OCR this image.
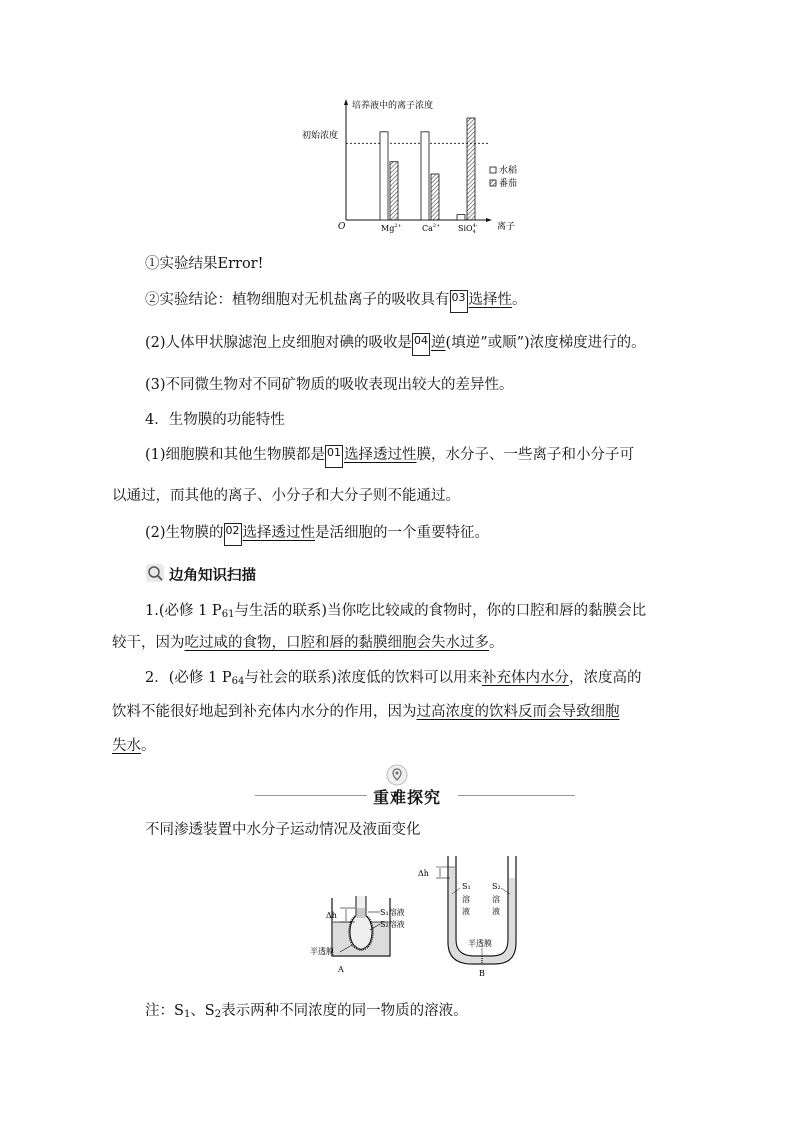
培养液中的离子浓度
初始浓度
O	离子
$Mg^{2+}$	$Ca^{2+}$ SiO$_4$4-
水稻
番茄
①实验结果Error!
②实验结论：植物细胞对无机盐离子的吸收具有 03 选择性。
(2)人体甲状腺滤泡上皮细胞对碘的吸收是 04 逆(填逆”或顺”)浓度梯度进行的。
(3)不同微生物对不同矿物质的吸收表现出较大的差异性。
4．生物膜的功能特性
(1)细胞膜和其他生物膜都是 01 选择透过性膜，水分子、一些离子和小分子可
以通过，而其他的离子、小分子和大分子则不能通过。
(2)生物膜的 02 选择透过性是活细胞的一个重要特征。
边角知识扫描
1.(必修 1 $P_{61}$与生活的联系)当你吃比较咸的食物时，你的口腔和唇的黏膜会比
较干，因为吃过咸的食物，口腔和唇的黏膜细胞会失水过多。
2．(必修 1 $P_{64}$与社会的联系)浓度低的饮料可以用来补充体内水分，浓度高的
饮料不能很好地起到补充体内水分的作用，因为过高浓度的饮料反而会导致细胞
失水。
重难探究
不同渗透装置中水分子运动情况及液面变化
Δh	S₁溶液
S₂溶液
半透膜
A
Δh
S₁
溶
液
S₂
溶
液
半透膜
B
注：$S_1$、$S_2$表示两种不同浓度的同一物质的溶液。
